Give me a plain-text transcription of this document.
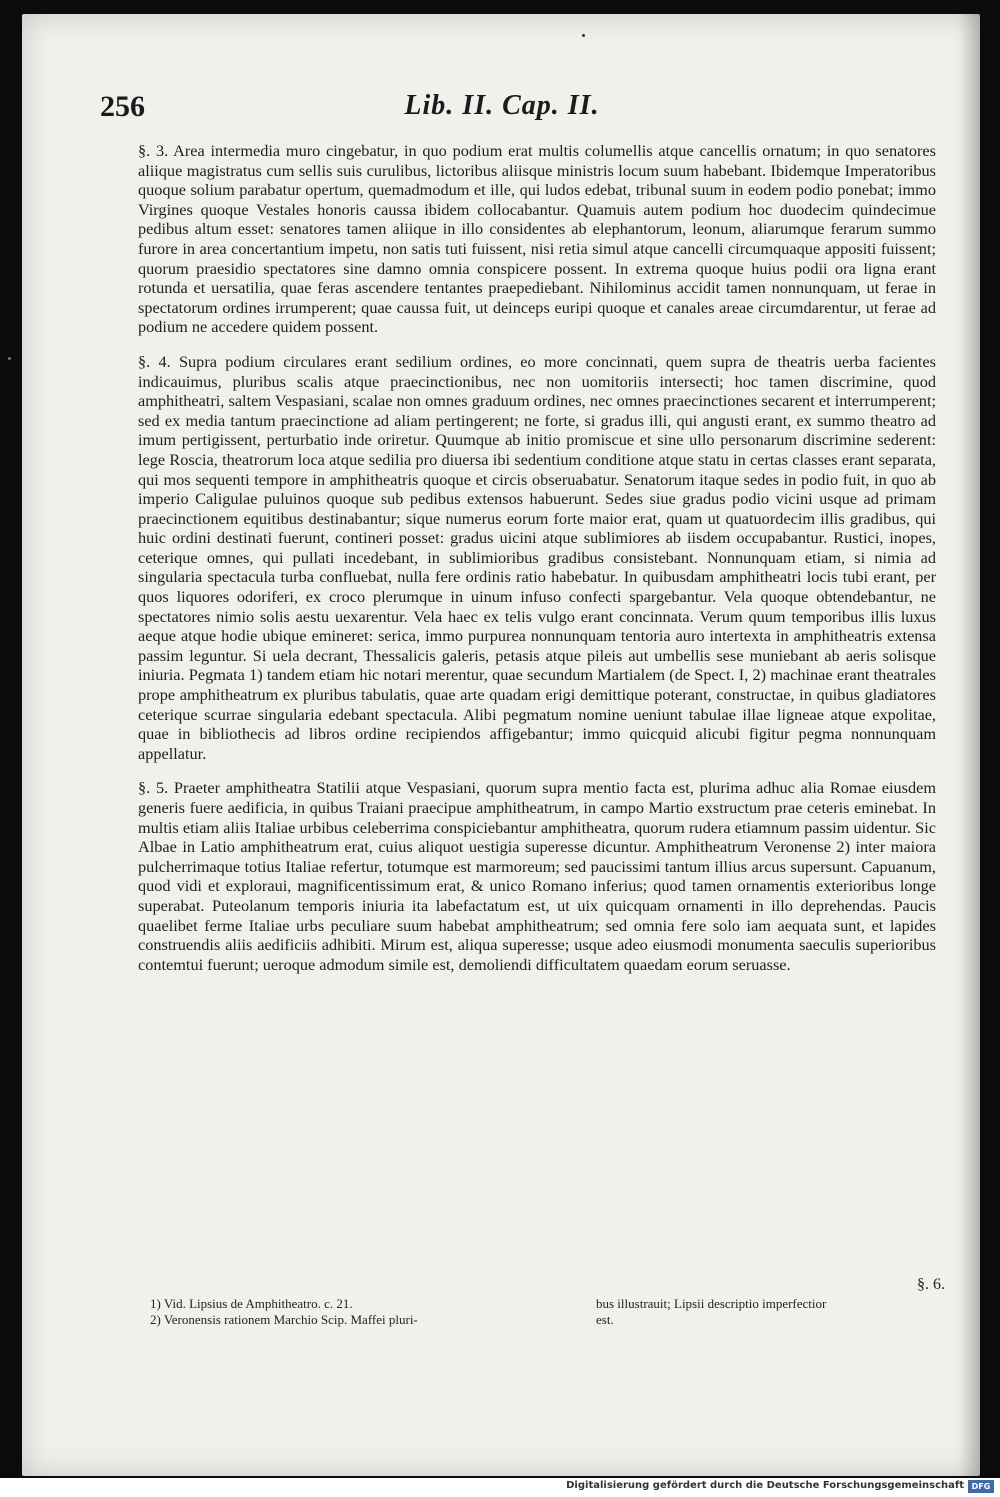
256	Lib. II. Cap. II.

§. 3. Area intermedia muro cingebatur, in quo podium erat multis columellis atque cancellis ornatum; in quo senatores aliique magistratus cum sellis suis curulibus, lictoribus aliisque ministris locum suum habebant. Ibidemque Imperatoribus quoque solium parabatur opertum, quemadmodum et ille, qui ludos edebat, tribunal suum in eodem podio ponebat; immo Virgines quoque Vestales honoris caussa ibidem collocabantur. Quamuis autem podium hoc duodecim quindecimue pedibus altum esset: senatores tamen aliique in illo considentes ab elephantorum, leonum, aliarumque ferarum summo furore in area concertantium impetu, non satis tuti fuissent, nisi retia simul atque cancelli circumquaque appositi fuissent; quorum praesidio spectatores sine damno omnia conspicere possent. In extrema quoque huius podii ora ligna erant rotunda et uersatilia, quae feras ascendere tentantes praepediebant. Nihilominus accidit tamen nonnunquam, ut ferae in spectatorum ordines irrumperent; quae caussa fuit, ut deinceps euripi quoque et canales areae circumdarentur, ut ferae ad podium ne accedere quidem possent.

§. 4. Supra podium circulares erant sedilium ordines, eo more concinnati, quem supra de theatris uerba facientes indicauimus, pluribus scalis atque praecinctionibus, nec non uomitoriis intersecti; hoc tamen discrimine, quod amphitheatri, saltem Vespasiani, scalae non omnes graduum ordines, nec omnes praecinctiones secarent et interrumperent; sed ex media tantum praecinctione ad aliam pertingerent; ne forte, si gradus illi, qui angusti erant, ex summo theatro ad imum pertigissent, perturbatio inde oriretur. Quumque ab initio promiscue et sine ullo personarum discrimine sederent: lege Roscia, theatrorum loca atque sedilia pro diuersa ibi sedentium conditione atque statu in certas classes erant separata, qui mos sequenti tempore in amphitheatris quoque et circis obseruabatur. Senatorum itaque sedes in podio fuit, in quo ab imperio Caligulae puluinos quoque sub pedibus extensos habuerunt. Sedes siue gradus podio vicini usque ad primam praecinctionem equitibus destinabantur; sique numerus eorum forte maior erat, quam ut quatuordecim illis gradibus, qui huic ordini destinati fuerunt, contineri posset: gradus uicini atque sublimiores ab iisdem occupabantur. Rustici, inopes, ceterique omnes, qui pullati incedebant, in sublimioribus gradibus consistebant. Nonnunquam etiam, si nimia ad singularia spectacula turba confluebat, nulla fere ordinis ratio habebatur. In quibusdam amphitheatri locis tubi erant, per quos liquores odoriferi, ex croco plerumque in uinum infuso confecti spargebantur. Vela quoque obtendebantur, ne spectatores nimio solis aestu uexarentur. Vela haec ex telis vulgo erant concinnata. Verum quum temporibus illis luxus aeque atque hodie ubique emineret: serica, immo purpurea nonnunquam tentoria auro intertexta in amphitheatris extensa passim leguntur. Si uela decrant, Thessalicis galeris, petasis atque pileis aut umbellis sese muniebant ab aeris solisque iniuria. Pegmata 1) tandem etiam hic notari merentur, quae secundum Martialem (de Spect. I, 2) machinae erant theatrales prope amphitheatrum ex pluribus tabulatis, quae arte quadam erigi demittique poterant, constructae, in quibus gladiatores ceterique scurrae singularia edebant spectacula. Alibi pegmatum nomine ueniunt tabulae illae ligneae atque expolitae, quae in bibliothecis ad libros ordine recipiendos affigebantur; immo quicquid alicubi figitur pegma nonnunquam appellatur.

§. 5. Praeter amphitheatra Statilii atque Vespasiani, quorum supra mentio facta est, plurima adhuc alia Romae eiusdem generis fuere aedificia, in quibus Traiani praecipue amphitheatrum, in campo Martio exstructum prae ceteris eminebat. In multis etiam aliis Italiae urbibus celeberrima conspiciebantur amphitheatra, quorum rudera etiamnum passim uidentur. Sic Albae in Latio amphitheatrum erat, cuius aliquot uestigia superesse dicuntur. Amphitheatrum Veronense 2) inter maiora pulcherrimaque totius Italiae refertur, totumque est marmoreum; sed paucissimi tantum illius arcus supersunt. Capuanum, quod vidi et exploraui, magnificentissimum erat, & unico Romano inferius; quod tamen ornamentis exterioribus longe superabat. Puteolanum temporis iniuria ita labefactatum est, ut uix quicquam ornamenti in illo deprehendas. Paucis quaelibet ferme Italiae urbs peculiare suum habebat amphitheatrum; sed omnia fere solo iam aequata sunt, et lapides construendis aliis aedificiis adhibiti. Mirum est, aliqua superesse; usque adeo eiusmodi monumenta saeculis superioribus contemtui fuerunt; ueroque admodum simile est, demoliendi difficultatem quaedam eorum seruasse.

§. 6.
1) Vid. Lipsius de Amphitheatro. c. 21.
2) Veronensis rationem Marchio Scip. Maffei pluri-
bus illustrauit; Lipsii descriptio imperfectior
est.
Digitalisierung gefördert durch die Deutsche Forschungsgemeinschaft DFG
